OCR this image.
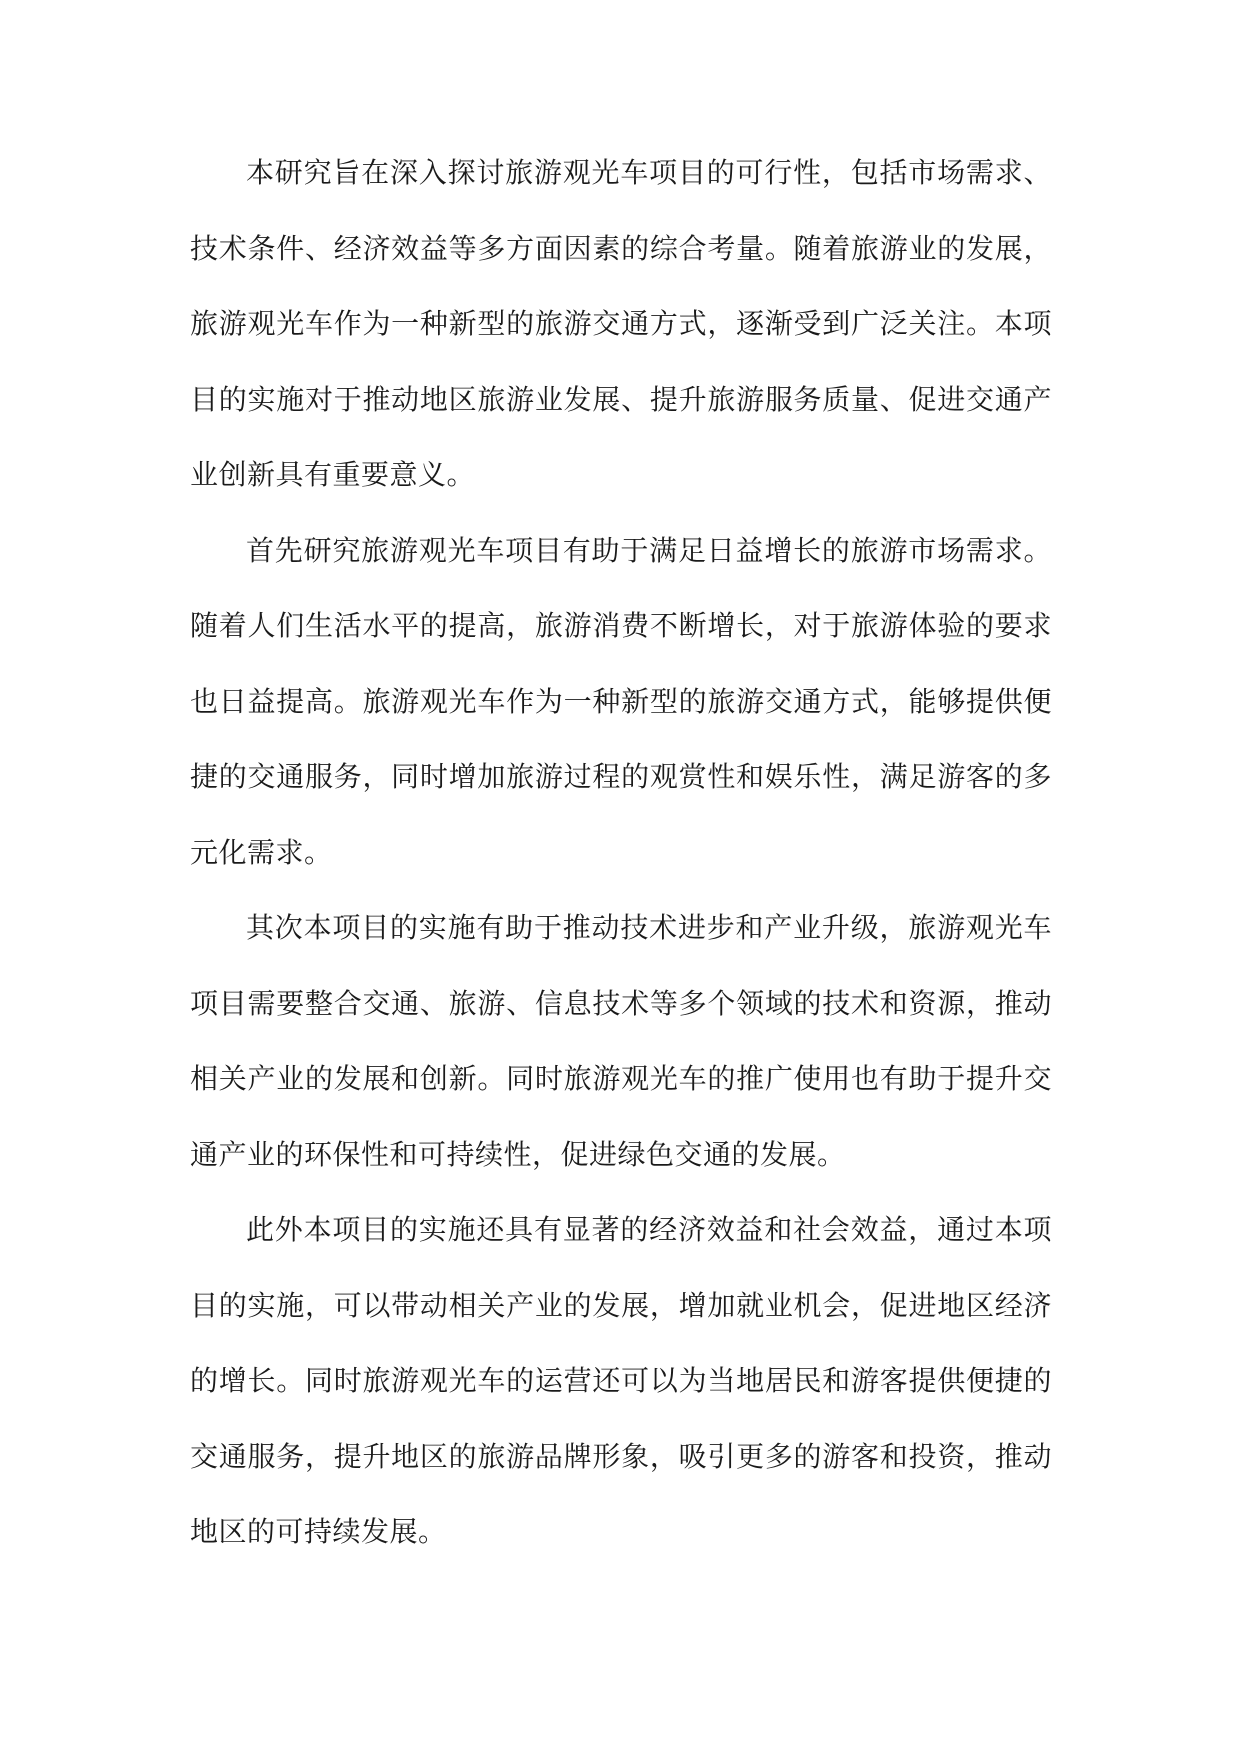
本研究旨在深入探讨旅游观光车项目的可行性，包括市场需求、技术条件、经济效益等多方面因素的综合考量。随着旅游业的发展，旅游观光车作为一种新型的旅游交通方式，逐渐受到广泛关注。本项目的实施对于推动地区旅游业发展、提升旅游服务质量、促进交通产业创新具有重要意义。

首先研究旅游观光车项目有助于满足日益增长的旅游市场需求。随着人们生活水平的提高，旅游消费不断增长，对于旅游体验的要求也日益提高。旅游观光车作为一种新型的旅游交通方式，能够提供便捷的交通服务，同时增加旅游过程的观赏性和娱乐性，满足游客的多元化需求。

其次本项目的实施有助于推动技术进步和产业升级，旅游观光车项目需要整合交通、旅游、信息技术等多个领域的技术和资源，推动相关产业的发展和创新。同时旅游观光车的推广使用也有助于提升交通产业的环保性和可持续性，促进绿色交通的发展。

此外本项目的实施还具有显著的经济效益和社会效益，通过本项目的实施，可以带动相关产业的发展，增加就业机会，促进地区经济的增长。同时旅游观光车的运营还可以为当地居民和游客提供便捷的交通服务，提升地区的旅游品牌形象，吸引更多的游客和投资，推动地区的可持续发展。
